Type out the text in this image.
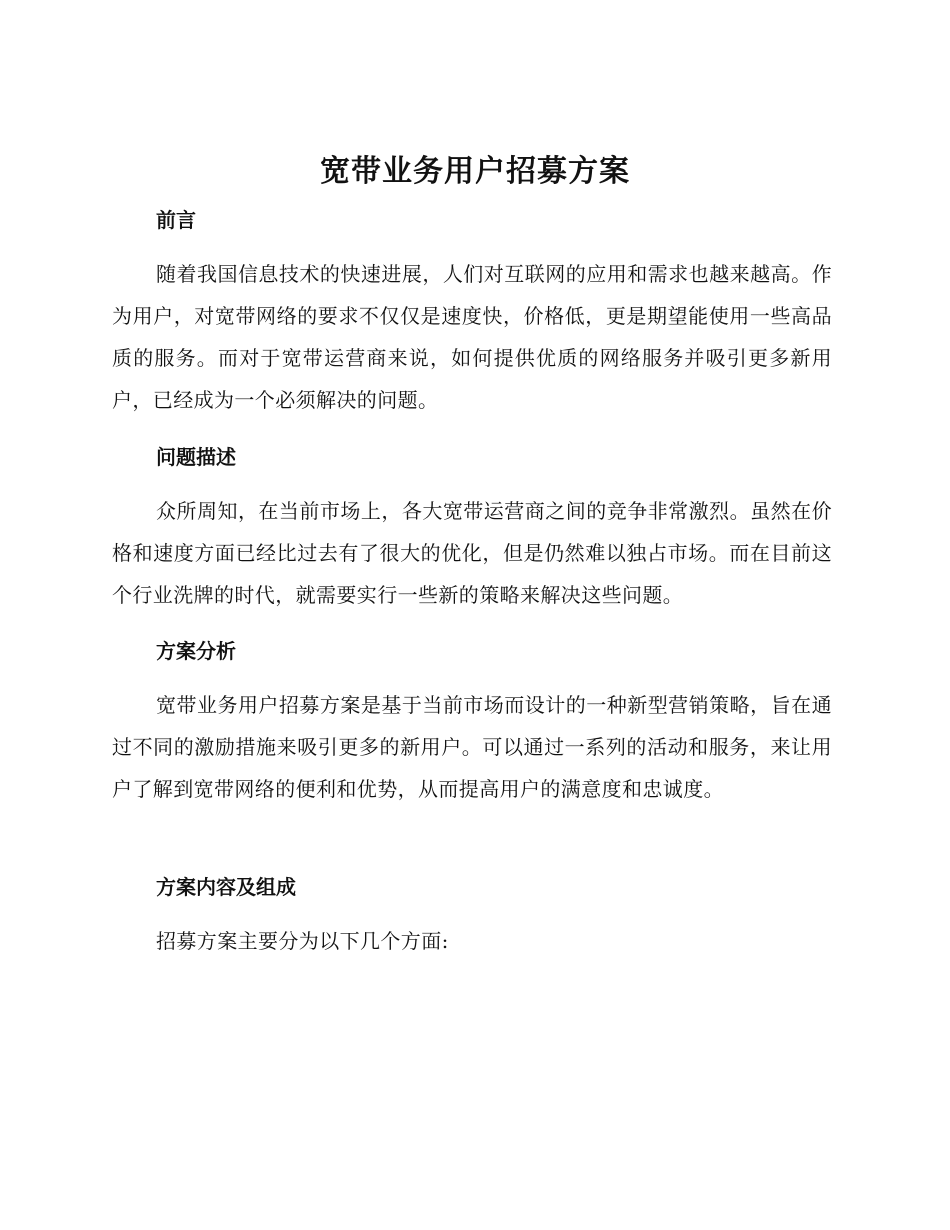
宽带业务用户招募方案
前言

随着我国信息技术的快速进展，人们对互联网的应用和需求也越来越高。作为用户，对宽带网络的要求不仅仅是速度快，价格低，更是期望能使用一些高品质的服务。而对于宽带运营商来说，如何提供优质的网络服务并吸引更多新用户，已经成为一个必须解决的问题。

问题描述

众所周知，在当前市场上，各大宽带运营商之间的竞争非常激烈。虽然在价格和速度方面已经比过去有了很大的优化，但是仍然难以独占市场。而在目前这个行业洗牌的时代，就需要实行一些新的策略来解决这些问题。

方案分析

宽带业务用户招募方案是基于当前市场而设计的一种新型营销策略，旨在通过不同的激励措施来吸引更多的新用户。可以通过一系列的活动和服务，来让用户了解到宽带网络的便利和优势，从而提高用户的满意度和忠诚度。

方案内容及组成

招募方案主要分为以下几个方面:
